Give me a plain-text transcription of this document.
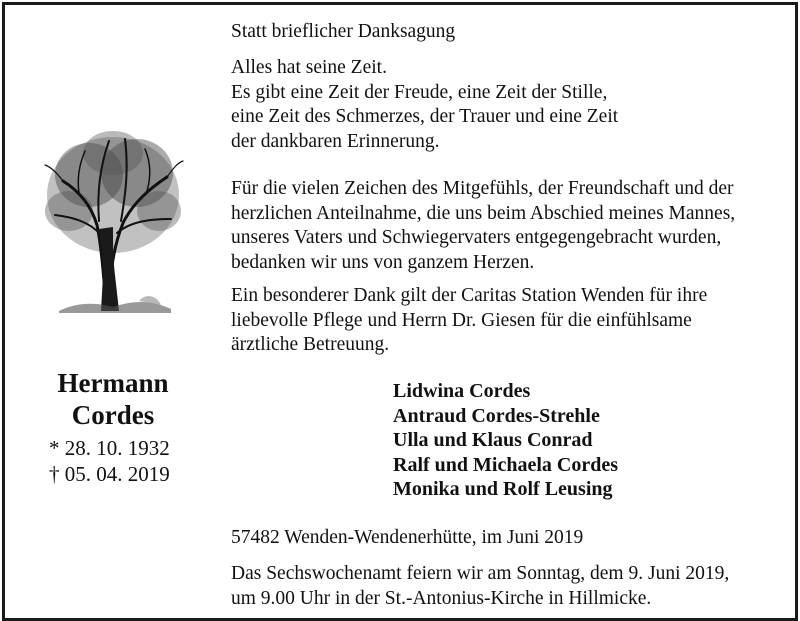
Hermann
Cordes
* 28. 10. 1932
† 05. 04. 2019
Statt brieflicher Danksagung
Alles hat seine Zeit.
Es gibt eine Zeit der Freude, eine Zeit der Stille,
eine Zeit des Schmerzes, der Trauer und eine Zeit
der dankbaren Erinnerung.
Für die vielen Zeichen des Mitgefühls, der Freundschaft und der
herzlichen Anteilnahme, die uns beim Abschied meines Mannes,
unseres Vaters und Schwiegervaters entgegengebracht wurden,
bedanken wir uns von ganzem Herzen.
Ein besonderer Dank gilt der Caritas Station Wenden für ihre
liebevolle Pflege und Herrn Dr. Giesen für die einfühlsame
ärztliche Betreuung.
Lidwina Cordes
Antraud Cordes-Strehle
Ulla und Klaus Conrad
Ralf und Michaela Cordes
Monika und Rolf Leusing
57482 Wenden-Wendenerhütte, im Juni 2019
Das Sechswochenamt feiern wir am Sonntag, dem 9. Juni 2019,
um 9.00 Uhr in der St.-Antonius-Kirche in Hillmicke.
